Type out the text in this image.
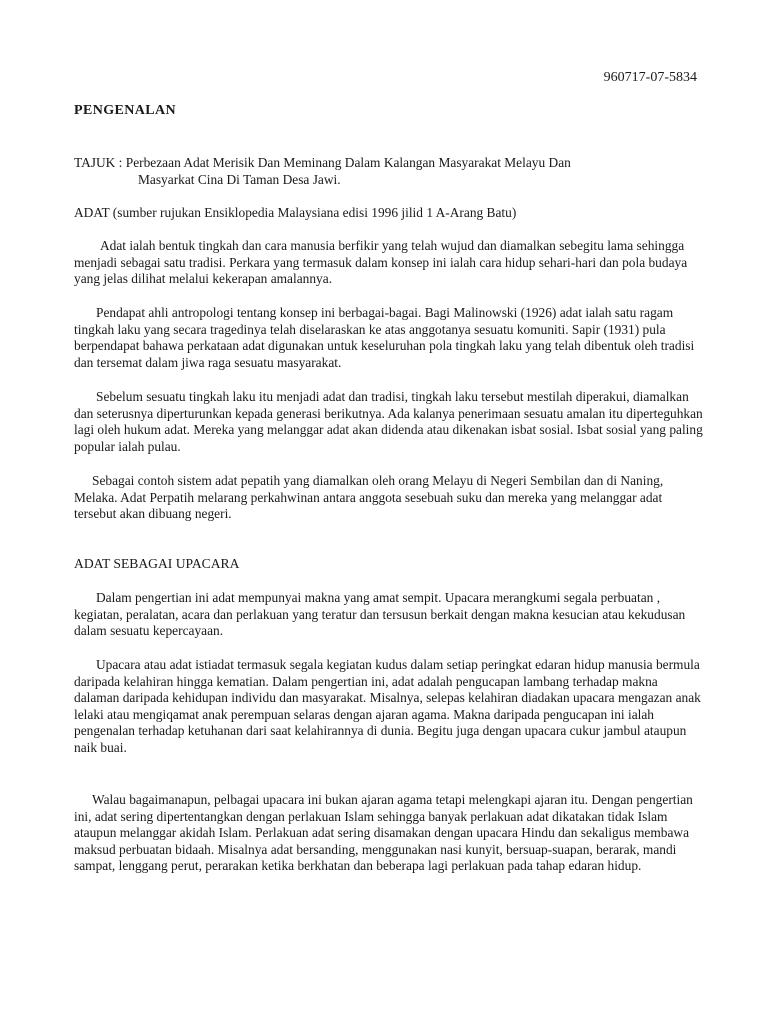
960717-07-5834
PENGENALAN
TAJUK : Perbezaan Adat Merisik Dan Meminang Dalam Kalangan Masyarakat Melayu Dan
Masyarkat Cina Di Taman Desa Jawi.

ADAT (sumber rujukan Ensiklopedia Malaysiana edisi 1996 jilid 1 A-Arang Batu)

Adat ialah bentuk tingkah dan cara manusia berfikir yang telah wujud dan diamalkan sebegitu lama sehingga menjadi sebagai satu tradisi. Perkara yang termasuk dalam konsep ini ialah cara hidup sehari-hari dan pola budaya yang jelas dilihat melalui kekerapan amalannya.

Pendapat ahli antropologi tentang konsep ini berbagai-bagai. Bagi Malinowski (1926) adat ialah satu ragam tingkah laku yang secara tragedinya telah diselaraskan ke atas anggotanya sesuatu komuniti. Sapir (1931) pula berpendapat bahawa perkataan adat digunakan untuk keseluruhan pola tingkah laku yang telah dibentuk oleh tradisi dan tersemat dalam jiwa raga sesuatu masyarakat.

Sebelum sesuatu tingkah laku itu menjadi adat dan tradisi, tingkah laku tersebut mestilah diperakui, diamalkan dan seterusnya diperturunkan kepada generasi berikutnya. Ada kalanya penerimaan sesuatu amalan itu diperteguhkan lagi oleh hukum adat. Mereka yang melanggar adat akan didenda atau dikenakan isbat sosial. Isbat sosial yang paling popular ialah pulau.

Sebagai contoh sistem adat pepatih yang diamalkan oleh orang Melayu di Negeri Sembilan dan di Naning, Melaka. Adat Perpatih melarang perkahwinan antara anggota sesebuah suku dan mereka yang melanggar adat tersebut akan dibuang negeri.

ADAT SEBAGAI UPACARA

Dalam pengertian ini adat mempunyai makna yang amat sempit. Upacara merangkumi segala perbuatan , kegiatan, peralatan, acara dan perlakuan yang teratur dan tersusun berkait dengan makna kesucian atau kekudusan dalam sesuatu kepercayaan.

Upacara atau adat istiadat termasuk segala kegiatan kudus dalam setiap peringkat edaran hidup manusia bermula daripada kelahiran hingga kematian. Dalam pengertian ini, adat adalah pengucapan lambang terhadap makna dalaman daripada kehidupan individu dan masyarakat. Misalnya, selepas kelahiran diadakan upacara mengazan anak lelaki atau mengiqamat anak perempuan selaras dengan ajaran agama. Makna daripada pengucapan ini ialah pengenalan terhadap ketuhanan dari saat kelahirannya di dunia. Begitu juga dengan upacara cukur jambul ataupun naik buai.

Walau bagaimanapun, pelbagai upacara ini bukan ajaran agama tetapi melengkapi ajaran itu. Dengan pengertian ini, adat sering dipertentangkan dengan perlakuan Islam sehingga banyak perlakuan adat dikatakan tidak Islam ataupun melanggar akidah Islam. Perlakuan adat sering disamakan dengan upacara Hindu dan sekaligus membawa maksud perbuatan bidaah. Misalnya adat bersanding, menggunakan nasi kunyit, bersuap-suapan, berarak, mandi sampat, lenggang perut, perarakan ketika berkhatan dan beberapa lagi perlakuan pada tahap edaran hidup.
